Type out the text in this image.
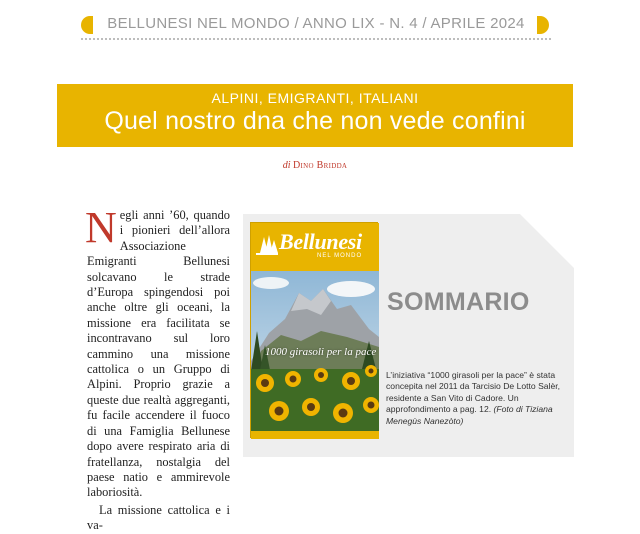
BELLUNESI NEL MONDO / ANNO LIX - N. 4 / APRILE 2024
ALPINI, EMIGRANTI, ITALIANI
Quel nostro dna che non vede confini
di Dino Bridda

Negli anni ’60, quando i pionieri dell’allora Associazione Emigranti Bellunesi solcavano le strade d’Europa spingendosi poi anche oltre gli oceani, la missione era facilitata se incontravano sul loro cammino una missione cattolica o un Gruppo di Alpini. Proprio grazie a queste due realtà aggreganti, fu facile accendere il fuoco di una Famiglia Bellunese dopo avere respirato aria di fratellanza, nostalgia del paese natio e ammirevole laboriosità.

La missione cattolica e i va-

Bellunesi
NEL MONDO
1000 girasoli per la pace
SOMMARIO
L’iniziativa “1000 girasoli per la pace” è stata concepita nel 2011 da Tarcisio De Lotto Salèr, residente a San Vito di Cadore. Un approfondimento a pag. 12. (Foto di Tiziana Menegùs Nanezòto)
